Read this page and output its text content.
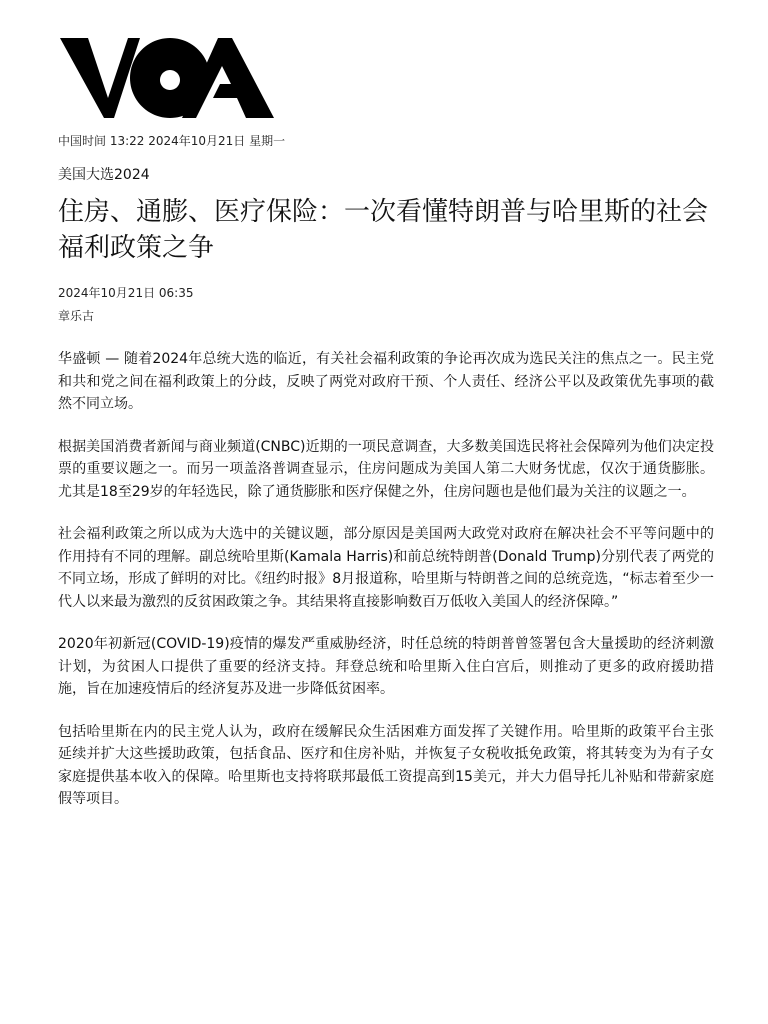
中国时间 13:22 2024年10月21日 星期一
美国大选2024
住房、通膨、医疗保险：一次看懂特朗普与哈里斯的社会福利政策之争
2024年10月21日 06:35
章乐古

华盛顿 — 随着2024年总统大选的临近，有关社会福利政策的争论再次成为选民关注的焦点之一。民主党和共和党之间在福利政策上的分歧，反映了两党对政府干预、个人责任、经济公平以及政策优先事项的截然不同立场。

根据美国消费者新闻与商业频道(CNBC)近期的一项民意调查，大多数美国选民将社会保障列为他们决定投票的重要议题之一。而另一项盖洛普调查显示，住房问题成为美国人第二大财务忧虑，仅次于通货膨胀。尤其是18至29岁的年轻选民，除了通货膨胀和医疗保健之外，住房问题也是他们最为关注的议题之一。

社会福利政策之所以成为大选中的关键议题，部分原因是美国两大政党对政府在解决社会不平等问题中的作用持有不同的理解。副总统哈里斯(Kamala Harris)和前总统特朗普(Donald Trump)分别代表了两党的不同立场，形成了鲜明的对比。《纽约时报》8月报道称，哈里斯与特朗普之间的总统竞选，“标志着至少一代人以来最为激烈的反贫困政策之争。其结果将直接影响数百万低收入美国人的经济保障。”

2020年初新冠(COVID-19)疫情的爆发严重威胁经济，时任总统的特朗普曾签署包含大量援助的经济刺激计划，为贫困人口提供了重要的经济支持。拜登总统和哈里斯入住白宫后，则推动了更多的政府援助措施，旨在加速疫情后的经济复苏及进一步降低贫困率。

包括哈里斯在内的民主党人认为，政府在缓解民众生活困难方面发挥了关键作用。哈里斯的政策平台主张延续并扩大这些援助政策，包括食品、医疗和住房补贴，并恢复子女税收抵免政策，将其转变为为有子女家庭提供基本收入的保障。哈里斯也支持将联邦最低工资提高到15美元，并大力倡导托儿补贴和带薪家庭假等项目。
